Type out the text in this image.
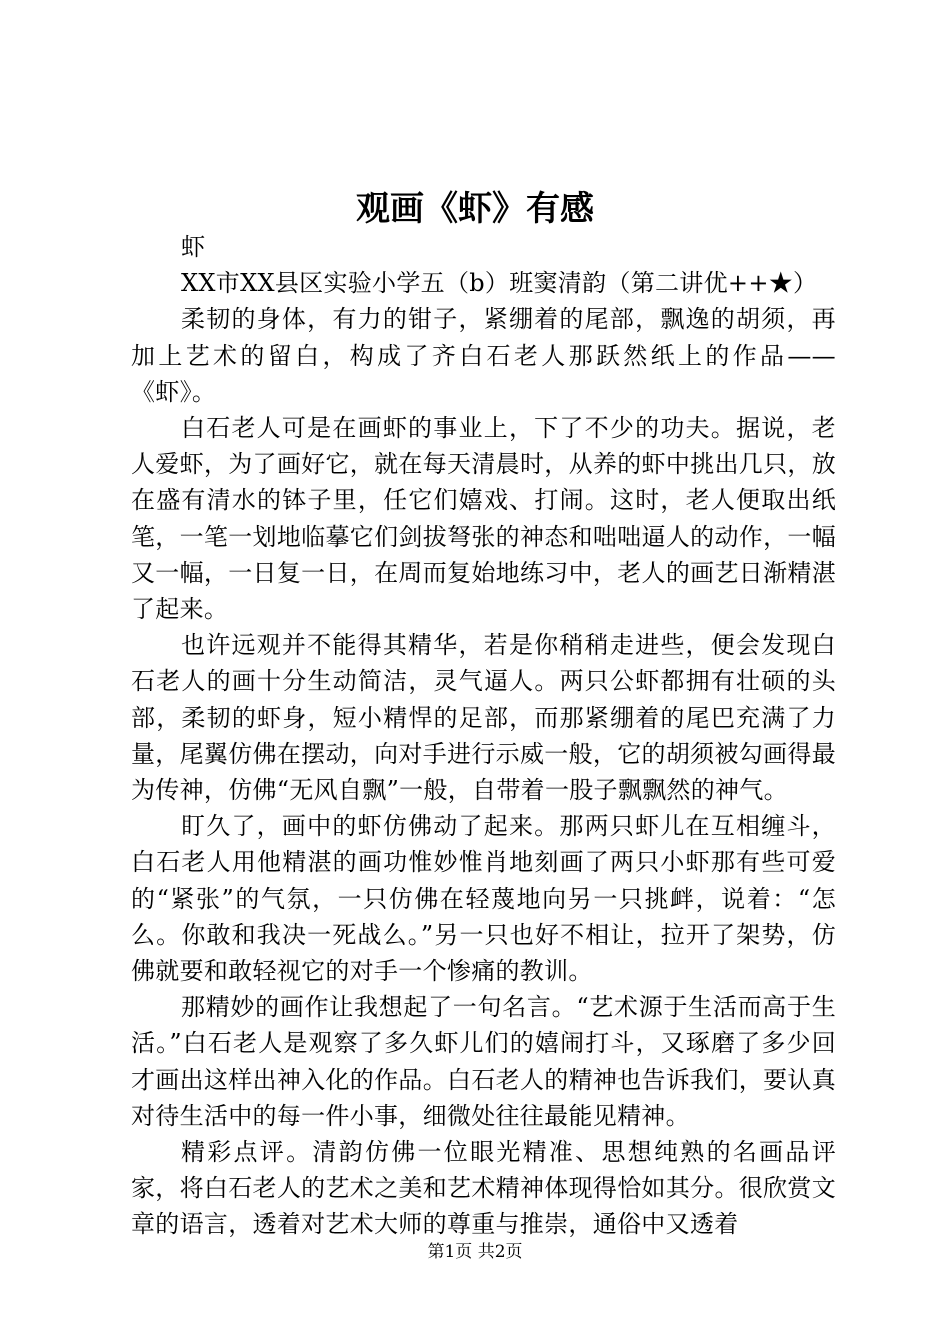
观画《虾》有感

虾

XX市XX县区实验小学五（b）班窦清韵（第二讲优++★）

柔韧的身体，有力的钳子，紧绷着的尾部，飘逸的胡须，再加上艺术的留白，构成了齐白石老人那跃然纸上的作品——《虾》。

白石老人可是在画虾的事业上，下了不少的功夫。据说，老人爱虾，为了画好它，就在每天清晨时，从养的虾中挑出几只，放在盛有清水的钵子里，任它们嬉戏、打闹。这时，老人便取出纸笔，一笔一划地临摹它们剑拔弩张的神态和咄咄逼人的动作，一幅又一幅，一日复一日，在周而复始地练习中，老人的画艺日渐精湛了起来。

也许远观并不能得其精华，若是你稍稍走进些，便会发现白石老人的画十分生动简洁，灵气逼人。两只公虾都拥有壮硕的头部，柔韧的虾身，短小精悍的足部，而那紧绷着的尾巴充满了力量，尾翼仿佛在摆动，向对手进行示威一般，它的胡须被勾画得最为传神，仿佛“无风自飘”一般，自带着一股子飘飘然的神气。

盯久了，画中的虾仿佛动了起来。那两只虾儿在互相缠斗，白石老人用他精湛的画功惟妙惟肖地刻画了两只小虾那有些可爱的“紧张”的气氛，一只仿佛在轻蔑地向另一只挑衅，说着：“怎么。你敢和我决一死战么。”另一只也好不相让，拉开了架势，仿佛就要和敢轻视它的对手一个惨痛的教训。

那精妙的画作让我想起了一句名言。“艺术源于生活而高于生活。”白石老人是观察了多久虾儿们的嬉闹打斗，又琢磨了多少回才画出这样出神入化的作品。白石老人的精神也告诉我们，要认真对待生活中的每一件小事，细微处往往最能见精神。

精彩点评。清韵仿佛一位眼光精准、思想纯熟的名画品评家，将白石老人的艺术之美和艺术精神体现得恰如其分。很欣赏文章的语言，透着对艺术大师的尊重与推崇，通俗中又透着

第1页 共2页
